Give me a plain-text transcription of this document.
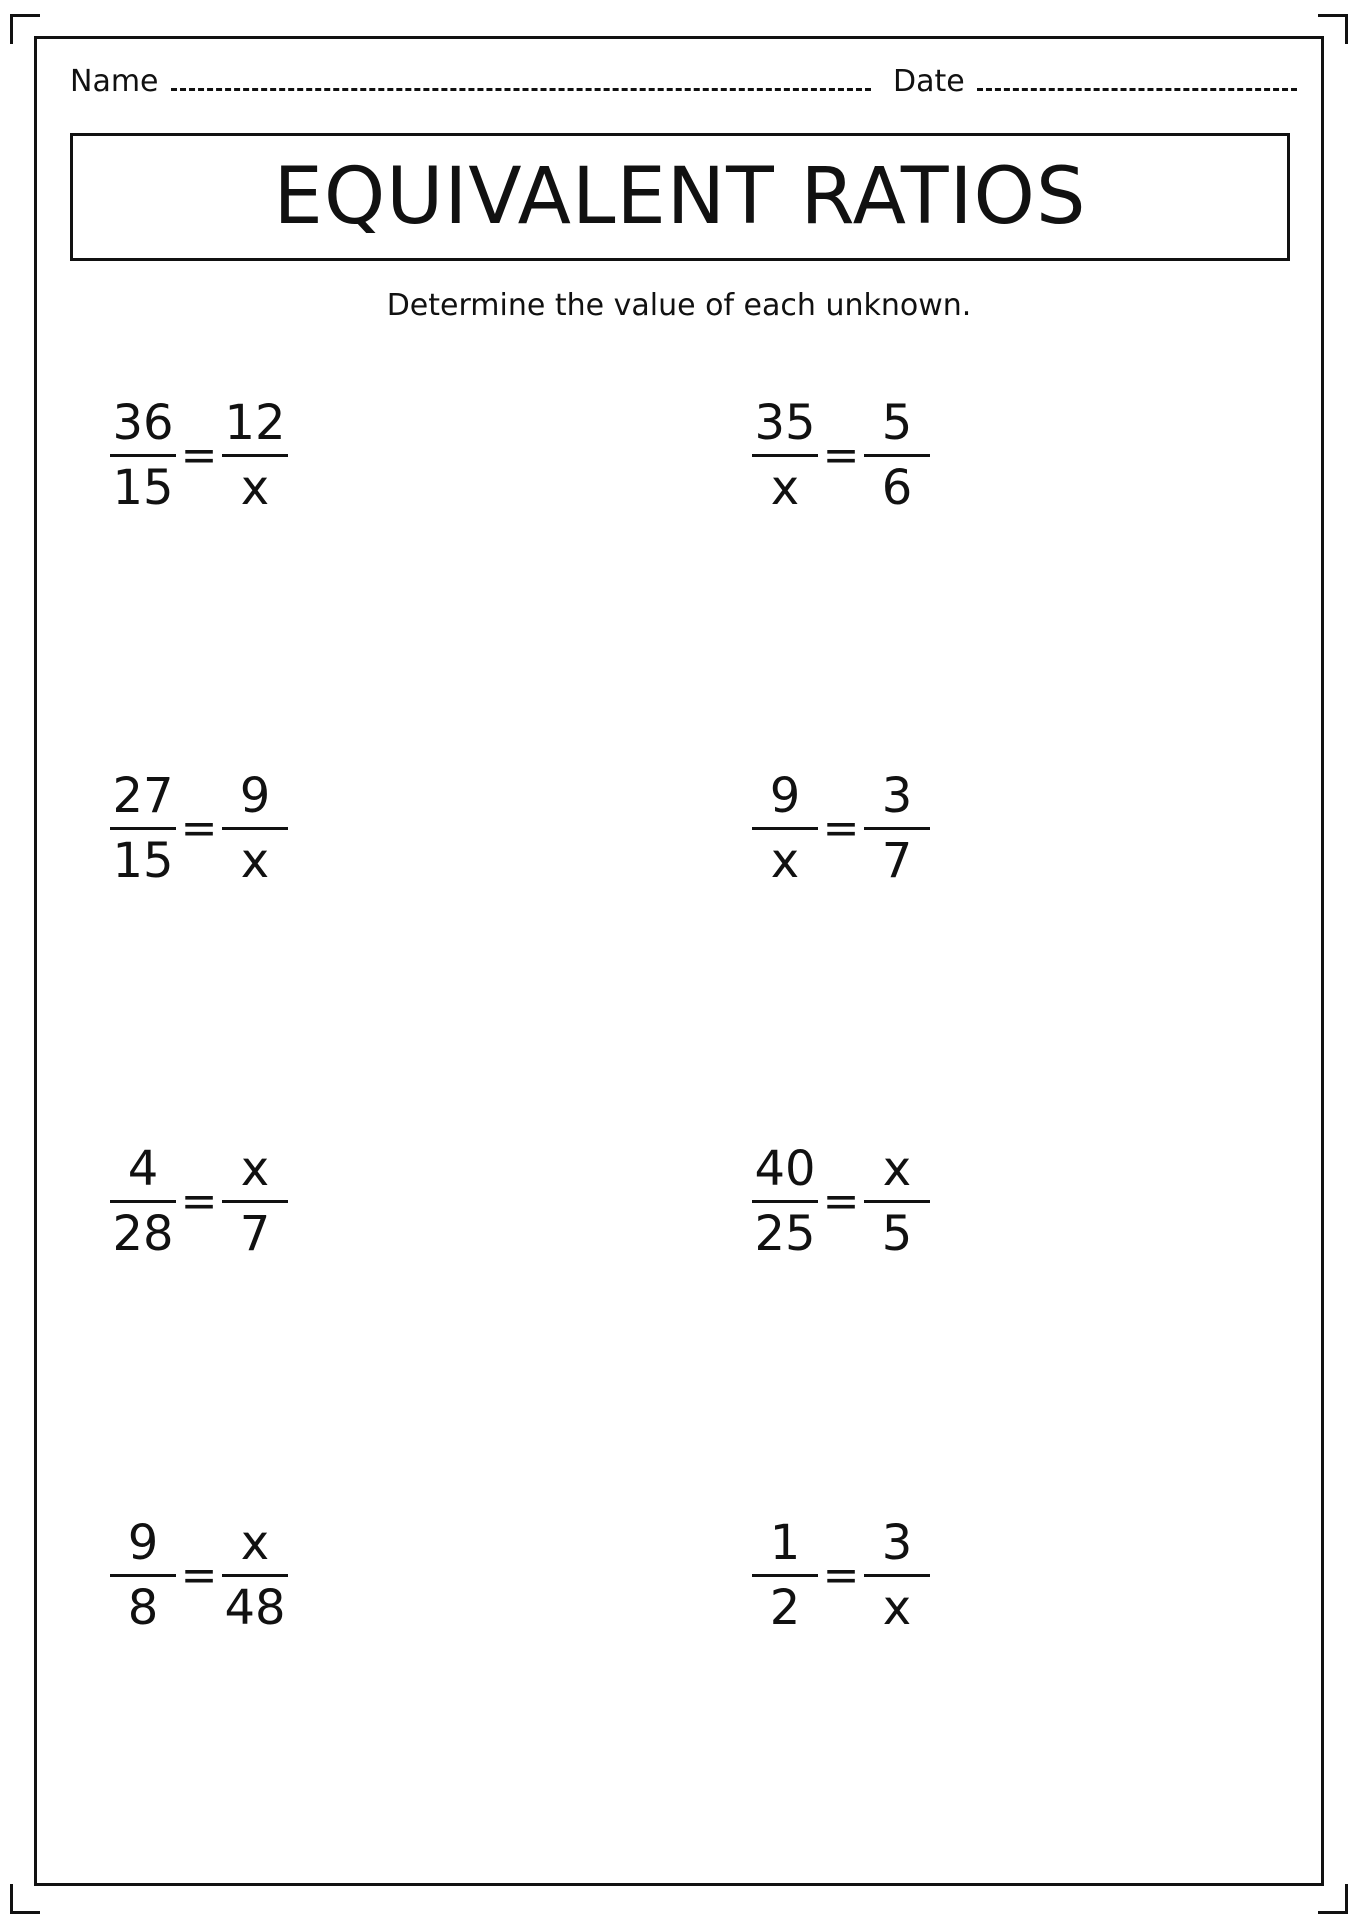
Name	Date
EQUIVALENT RATIOS
Determine the value of each unknown.
$\frac{36}{15} = \frac{12}{x}$	$\frac{35}{x} = \frac{5}{6}$
$\frac{27}{15} = \frac{9}{x}$	$\frac{9}{x} = \frac{3}{7}$
$\frac{4}{28} = \frac{x}{7}$	$\frac{40}{25} = \frac{x}{5}$
$\frac{9}{8} = \frac{x}{48}$	$\frac{1}{2} = \frac{3}{x}$
